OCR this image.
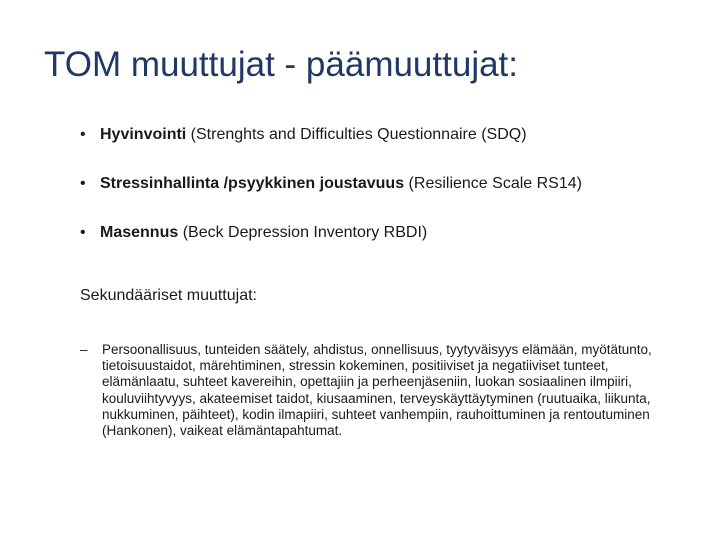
TOM muuttujat - päämuuttujat:
• Hyvinvointi (Strenghts and Difficulties Questionnaire (SDQ)
• Stressinhallinta /psyykkinen joustavuus (Resilience Scale RS14)
• Masennus (Beck Depression Inventory RBDI)
Sekundääriset muuttujat:
– Persoonallisuus, tunteiden säätely, ahdistus, onnellisuus, tyytyväisyys elämään, myötätunto, tietoisuustaidot, märehtiminen, stressin kokeminen, positiiviset ja negatiiviset tunteet, elämänlaatu, suhteet kavereihin, opettajiin ja perheenjäseniin, luokan sosiaalinen ilmpiiri, kouluviihtyvyys, akateemiset taidot, kiusaaminen, terveyskäyttäytyminen (ruutuaika, liikunta, nukkuminen, päihteet), kodin ilmapiiri, suhteet vanhempiin, rauhoittuminen ja rentoutuminen (Hankonen), vaikeat elämäntapahtumat.
